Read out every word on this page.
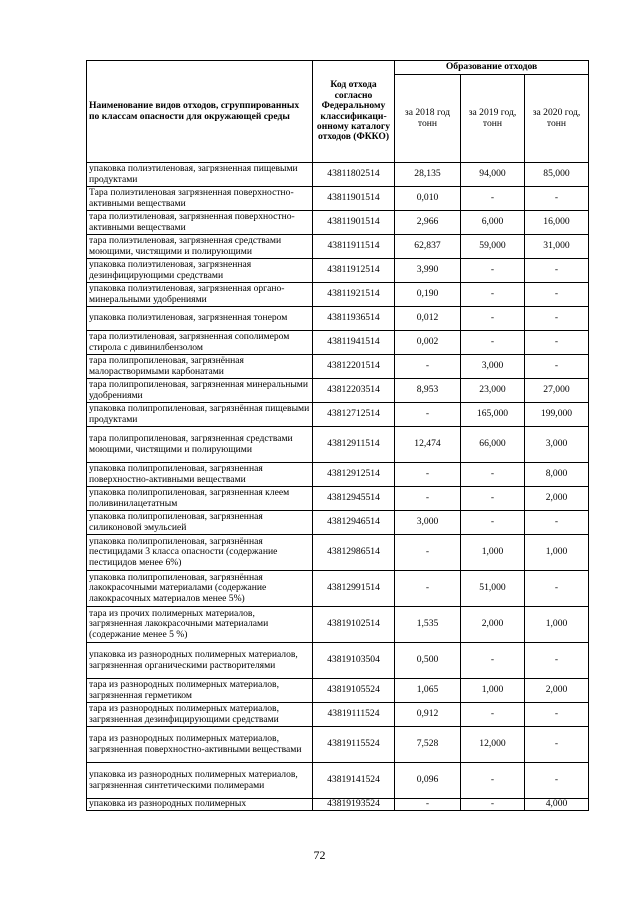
Наименование видов отходов, сгруппированных по классам опасности для окружающей среды	Код отхода согласно Федеральному классификаци-онному каталогу отходов (ФККО)	Образование отходов		
		за 2018 год тонн	за 2019 год, тонн	за 2020 год, тонн
упаковка полиэтиленовая, загрязненная пищевыми продуктами	43811802514	28,135	94,000	85,000
Тара полиэтиленовая загрязненная поверхностно-активными веществами	43811901514	0,010	-	-
тара полиэтиленовая, загрязненная поверхностно-активными веществами	43811901514	2,966	6,000	16,000
тара полиэтиленовая, загрязненная средствами моющими, чистящими и полирующими	43811911514	62,837	59,000	31,000
упаковка полиэтиленовая, загрязненная дезинфицирующими средствами	43811912514	3,990	-	-
упаковка полиэтиленовая, загрязненная органо-минеральными удобрениями	43811921514	0,190	-	-
упаковка полиэтиленовая, загрязненная тонером	43811936514	0,012	-	-
тара полиэтиленовая, загрязненная сополимером стирола с дивинилбензолом	43811941514	0,002	-	-
тара полипропиленовая, загрязнённая малорастворимыми карбонатами	43812201514	-	3,000	-
тара полипропиленовая, загрязненная минеральными удобрениями	43812203514	8,953	23,000	27,000
упаковка полипропиленовая, загрязнённая пищевыми продуктами	43812712514	-	165,000	199,000
тара полипропиленовая, загрязненная средствами моющими, чистящими и полирующими	43812911514	12,474	66,000	3,000
упаковка полипропиленовая, загрязненная поверхностно-активными веществами	43812912514	-	-	8,000
упаковка полипропиленовая, загрязненная клеем поливинилацетатным	43812945514	-	-	2,000
упаковка полипропиленовая, загрязненная силиконовой эмульсией	43812946514	3,000	-	-
упаковка полипропиленовая, загрязнённая пестицидами 3 класса опасности (содержание пестицидов менее 6%)	43812986514	-	1,000	1,000
упаковка полипропиленовая, загрязнённая лакокрасочными материалами (содержание лакокрасочных материалов менее 5%)	43812991514	-	51,000	-
тара из прочих полимерных материалов, загрязненная лакокрасочными материалами (содержание менее 5 %)	43819102514	1,535	2,000	1,000
упаковка из разнородных полимерных материалов, загрязненная органическими растворителями	43819103504	0,500	-	-
тара из разнородных полимерных материалов, загрязненная герметиком	43819105524	1,065	1,000	2,000
тара из разнородных полимерных материалов, загрязненная дезинфицирующими средствами	43819111524	0,912	-	-
тара из разнородных полимерных материалов, загрязненная поверхностно-активными веществами	43819115524	7,528	12,000	-
упаковка из разнородных полимерных материалов, загрязненная синтетическими полимерами	43819141524	0,096	-	-
упаковка из разнородных полимерных	43819193524	-	-	4,000
72
